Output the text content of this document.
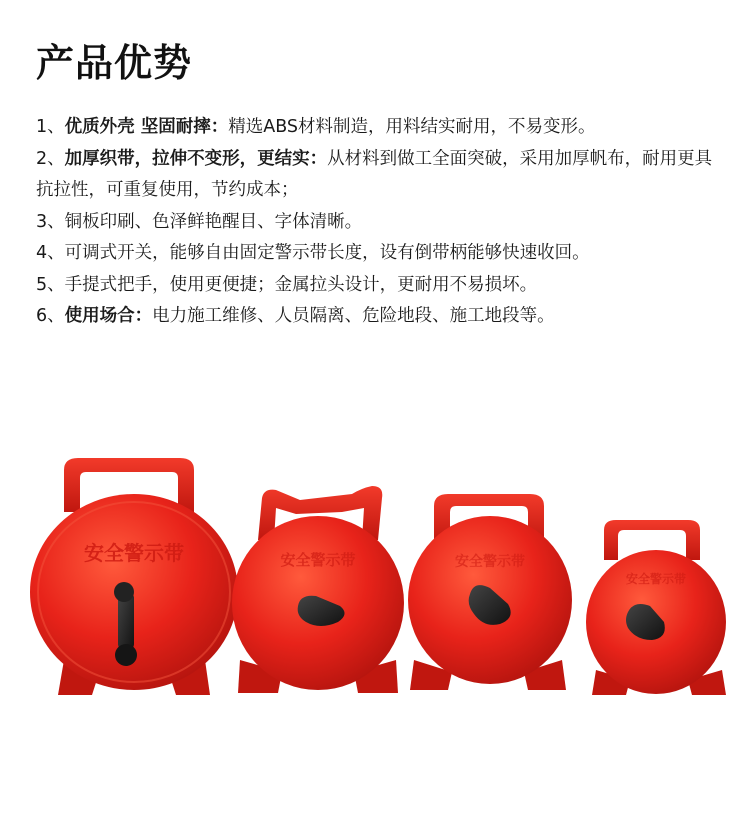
产品优势

1、优质外壳 坚固耐摔：精选ABS材料制造，用料结实耐用，不易变形。

2、加厚织带，拉伸不变形，更结实：从材料到做工全面突破，采用加厚帆布，耐用更具抗拉性，可重复使用，节约成本；

3、铜板印刷、色泽鲜艳醒目、字体清晰。

4、可调式开关，能够自由固定警示带长度，设有倒带柄能够快速收回。

5、手提式把手，使用更便捷；金属拉头设计，更耐用不易损坏。

6、使用场合：电力施工维修、人员隔离、危险地段、施工地段等。

安全警示带	安全警示带	安全警示带
安全警示带
